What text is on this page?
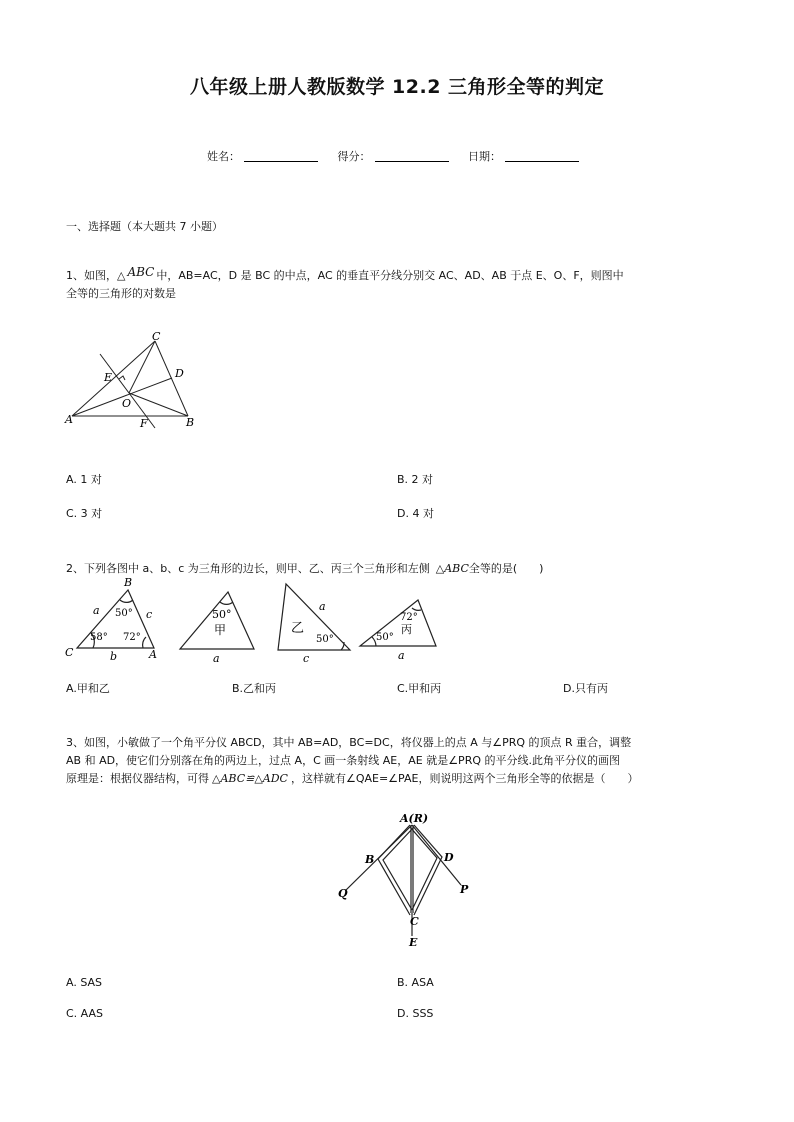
八年级上册人教版数学 12.2 三角形全等的判定
姓名：	得分：	日期：
一、选择题（本大题共 7 小题）
1、如图，△ ABC 中，AB=AC，D 是 BC 的中点，AC 的垂直平分线分别交 AC、AD、AB 于点 E、O、F，则图中
全等的三角形的对数是
C
D
E
O
A	F	B
A. 1 对	B. 2 对
C. 3 对	D. 4 对
2、下列各图中 a、b、c 为三角形的边长，则甲、乙、丙三个三角形和左侧 △ABC全等的是(　　)
B
C	A
a	c
b
50°
58° 72°
50°
甲
a
乙
a
50°
c
72°
丙
50°
a
A.甲和乙	B.乙和丙	C.甲和丙	D.只有丙
3、如图，小敏做了一个角平分仪 ABCD，其中 AB=AD，BC=DC，将仪器上的点 A 与∠PRQ 的顶点 R 重合，调整
AB 和 AD，使它们分别落在角的两边上，过点 A，C 画一条射线 AE，AE 就是∠PRQ 的平分线.此角平分仪的画图
原理是：根据仪器结构，可得 △ABC≌△ADC ，这样就有∠QAE=∠PAE，则说明这两个三角形全等的依据是（　　）
A(R)
B	D
Q	P
C
E
A. SAS	B. ASA
C. AAS	D. SSS
